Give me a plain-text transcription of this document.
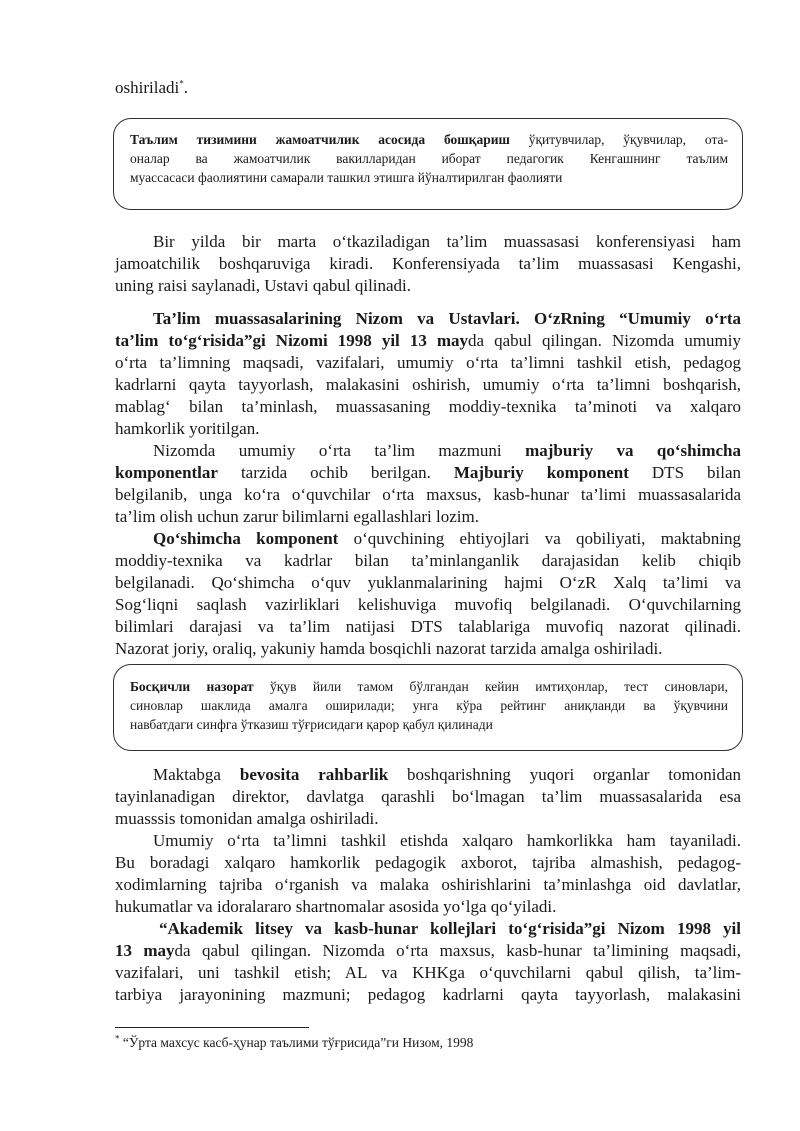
oshiriladi*.
Таълим тизимини жамоатчилик асосида бошқариш ўқитувчилар, ўқувчилар, ота-
оналар ва жамоатчилик вакилларидан иборат педагогик Кенгашнинг таълим
муассасаси фаолиятини самарали ташкил этишга йўналтирилган фаолияти
Bir yilda bir marta o‘tkaziladigan ta’lim muassasasi konferensiyasi ham
jamoatchilik boshqaruviga kiradi. Konferensiyada ta’lim muassasasi Kengashi,
uning raisi saylanadi, Ustavi qabul qilinadi.
Ta’lim muassasalarining Nizom va Ustavlari. O‘zRning “Umumiy o‘rta
ta’lim to‘g‘risida”gi Nizomi 1998 yil 13 mayda qabul qilingan. Nizomda umumiy
o‘rta ta’limning maqsadi, vazifalari, umumiy o‘rta ta’limni tashkil etish, pedagog
kadrlarni qayta tayyorlash, malakasini oshirish, umumiy o‘rta ta’limni boshqarish,
mablag‘ bilan ta’minlash, muassasaning moddiy-texnika ta’minoti va xalqaro
hamkorlik yoritilgan.
Nizomda umumiy o‘rta ta’lim mazmuni majburiy va qo‘shimcha
komponentlar tarzida ochib berilgan. Majburiy komponent DTS bilan
belgilanib, unga ko‘ra o‘quvchilar o‘rta maxsus, kasb-hunar ta’limi muassasalarida
ta’lim olish uchun zarur bilimlarni egallashlari lozim.
Qo‘shimcha komponent o‘quvchining ehtiyojlari va qobiliyati, maktabning
moddiy-texnika va kadrlar bilan ta’minlanganlik darajasidan kelib chiqib
belgilanadi. Qo‘shimcha o‘quv yuklanmalarining hajmi O‘zR Xalq ta’limi va
Sog‘liqni saqlash vazirliklari kelishuviga muvofiq belgilanadi. O‘quvchilarning
bilimlari darajasi va ta’lim natijasi DTS talablariga muvofiq nazorat qilinadi.
Nazorat joriy, oraliq, yakuniy hamda bosqichli nazorat tarzida amalga oshiriladi.
Босқичли назорат ўқув йили тамом бўлгандан кейин имтиҳонлар, тест синовлари,
синовлар шаклида амалга оширилади; унга кўра рейтинг аниқланди ва ўқувчини
навбатдаги синфга ўтказиш тўғрисидаги қарор қабул қилинади
Maktabga bevosita rahbarlik boshqarishning yuqori organlar tomonidan
tayinlanadigan direktor, davlatga qarashli bo‘lmagan ta’lim muassasalarida esa
muasssis tomonidan amalga oshiriladi.
Umumiy o‘rta ta’limni tashkil etishda xalqaro hamkorlikka ham tayaniladi.
Bu boradagi xalqaro hamkorlik pedagogik axborot, tajriba almashish, pedagog-
xodimlarning tajriba o‘rganish va malaka oshirishlarini ta’minlashga oid davlatlar,
hukumatlar va idoralararo shartnomalar asosida yo‘lga qo‘yiladi.
“Akademik litsey va kasb-hunar kollejlari to‘g‘risida”gi Nizom 1998 yil
13 mayda qabul qilingan. Nizomda o‘rta maxsus, kasb-hunar ta’limining maqsadi,
vazifalari, uni tashkil etish; AL va KHKga o‘quvchilarni qabul qilish, ta’lim-
tarbiya jarayonining mazmuni; pedagog kadrlarni qayta tayyorlash, malakasini
* “Ўрта махсус касб-ҳунар таълими тўғрисида”ги Низом, 1998
